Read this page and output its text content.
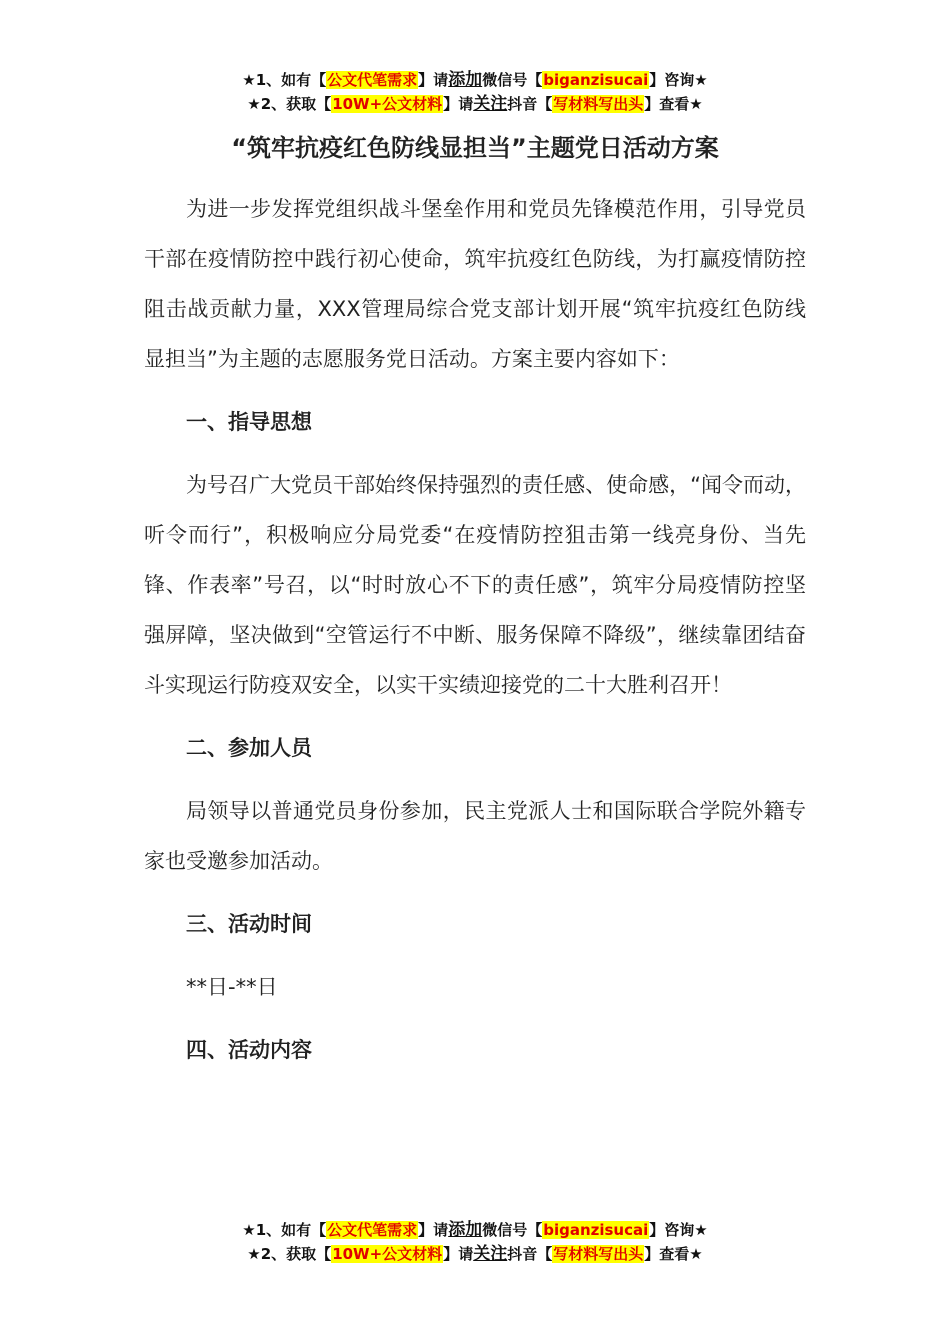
★1、如有【公文代笔需求】请添加微信号【biganzisucai】咨询★
★2、获取【10W+公文材料】请关注抖音【写材料写出头】查看★
“筑牢抗疫红色防线显担当”主题党日活动方案

为进一步发挥党组织战斗堡垒作用和党员先锋模范作用，引导党员干部在疫情防控中践行初心使命，筑牢抗疫红色防线，为打赢疫情防控阻击战贡献力量，XXX管理局综合党支部计划开展“筑牢抗疫红色防线显担当”为主题的志愿服务党日活动。方案主要内容如下：

一、指导思想

为号召广大党员干部始终保持强烈的责任感、使命感，“闻令而动，听令而行”，积极响应分局党委“在疫情防控狙击第一线亮身份、当先锋、作表率”号召，以“时时放心不下的责任感”，筑牢分局疫情防控坚强屏障，坚决做到“空管运行不中断、服务保障不降级”，继续靠团结奋斗实现运行防疫双安全，以实干实绩迎接党的二十大胜利召开！

二、参加人员

局领导以普通党员身份参加，民主党派人士和国际联合学院外籍专家也受邀参加活动。

三、活动时间

**日-**日

四、活动内容
★1、如有【公文代笔需求】请添加微信号【biganzisucai】咨询★
★2、获取【10W+公文材料】请关注抖音【写材料写出头】查看★
